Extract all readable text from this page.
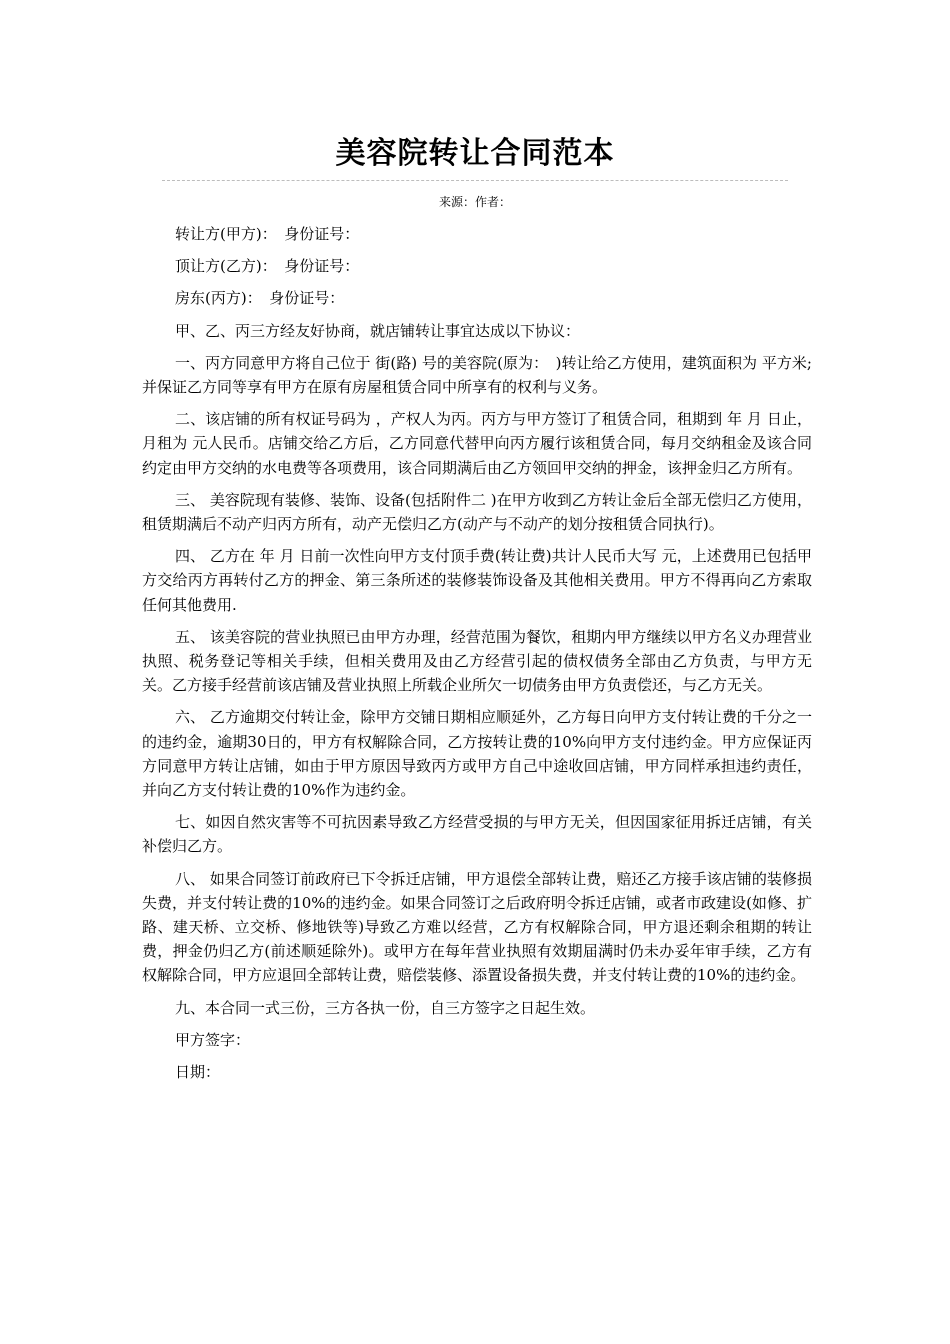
美容院转让合同范本

来源：作者：

转让方(甲方)：　身份证号：

顶让方(乙方)：　身份证号：

房东(丙方)：　身份证号：

甲、乙、丙三方经友好协商，就店铺转让事宜达成以下协议：

一、丙方同意甲方将自己位于 街(路) 号的美容院(原为：　)转让给乙方使用，建筑面积为 平方米;并保证乙方同等享有甲方在原有房屋租赁合同中所享有的权利与义务。

二、该店铺的所有权证号码为 ，产权人为丙。丙方与甲方签订了租赁合同，租期到 年 月 日止，月租为 元人民币。店铺交给乙方后，乙方同意代替甲向丙方履行该租赁合同，每月交纳租金及该合同约定由甲方交纳的水电费等各项费用，该合同期满后由乙方领回甲交纳的押金，该押金归乙方所有。

三、 美容院现有装修、装饰、设备(包括附件二 )在甲方收到乙方转让金后全部无偿归乙方使用，租赁期满后不动产归丙方所有，动产无偿归乙方(动产与不动产的划分按租赁合同执行)。

四、 乙方在 年 月 日前一次性向甲方支付顶手费(转让费)共计人民币大写 元，上述费用已包括甲方交给丙方再转付乙方的押金、第三条所述的装修装饰设备及其他相关费用。甲方不得再向乙方索取任何其他费用.

五、 该美容院的营业执照已由甲方办理，经营范围为餐饮，租期内甲方继续以甲方名义办理营业执照、税务登记等相关手续，但相关费用及由乙方经营引起的债权债务全部由乙方负责，与甲方无关。乙方接手经营前该店铺及营业执照上所载企业所欠一切债务由甲方负责偿还，与乙方无关。

六、 乙方逾期交付转让金，除甲方交铺日期相应顺延外，乙方每日向甲方支付转让费的千分之一的违约金，逾期30日的，甲方有权解除合同，乙方按转让费的10%向甲方支付违约金。甲方应保证丙方同意甲方转让店铺，如由于甲方原因导致丙方或甲方自己中途收回店铺，甲方同样承担违约责任，并向乙方支付转让费的10%作为违约金。

七、如因自然灾害等不可抗因素导致乙方经营受损的与甲方无关，但因国家征用拆迁店铺，有关补偿归乙方。

八、 如果合同签订前政府已下令拆迁店铺，甲方退偿全部转让费，赔还乙方接手该店铺的装修损失费，并支付转让费的10%的违约金。如果合同签订之后政府明令拆迁店铺，或者市政建设(如修、扩路、建天桥、立交桥、修地铁等)导致乙方难以经营，乙方有权解除合同，甲方退还剩余租期的转让费，押金仍归乙方(前述顺延除外)。或甲方在每年营业执照有效期届满时仍未办妥年审手续，乙方有权解除合同，甲方应退回全部转让费，赔偿装修、添置设备损失费，并支付转让费的10%的违约金。

九、本合同一式三份，三方各执一份，自三方签字之日起生效。

甲方签字：

日期：
